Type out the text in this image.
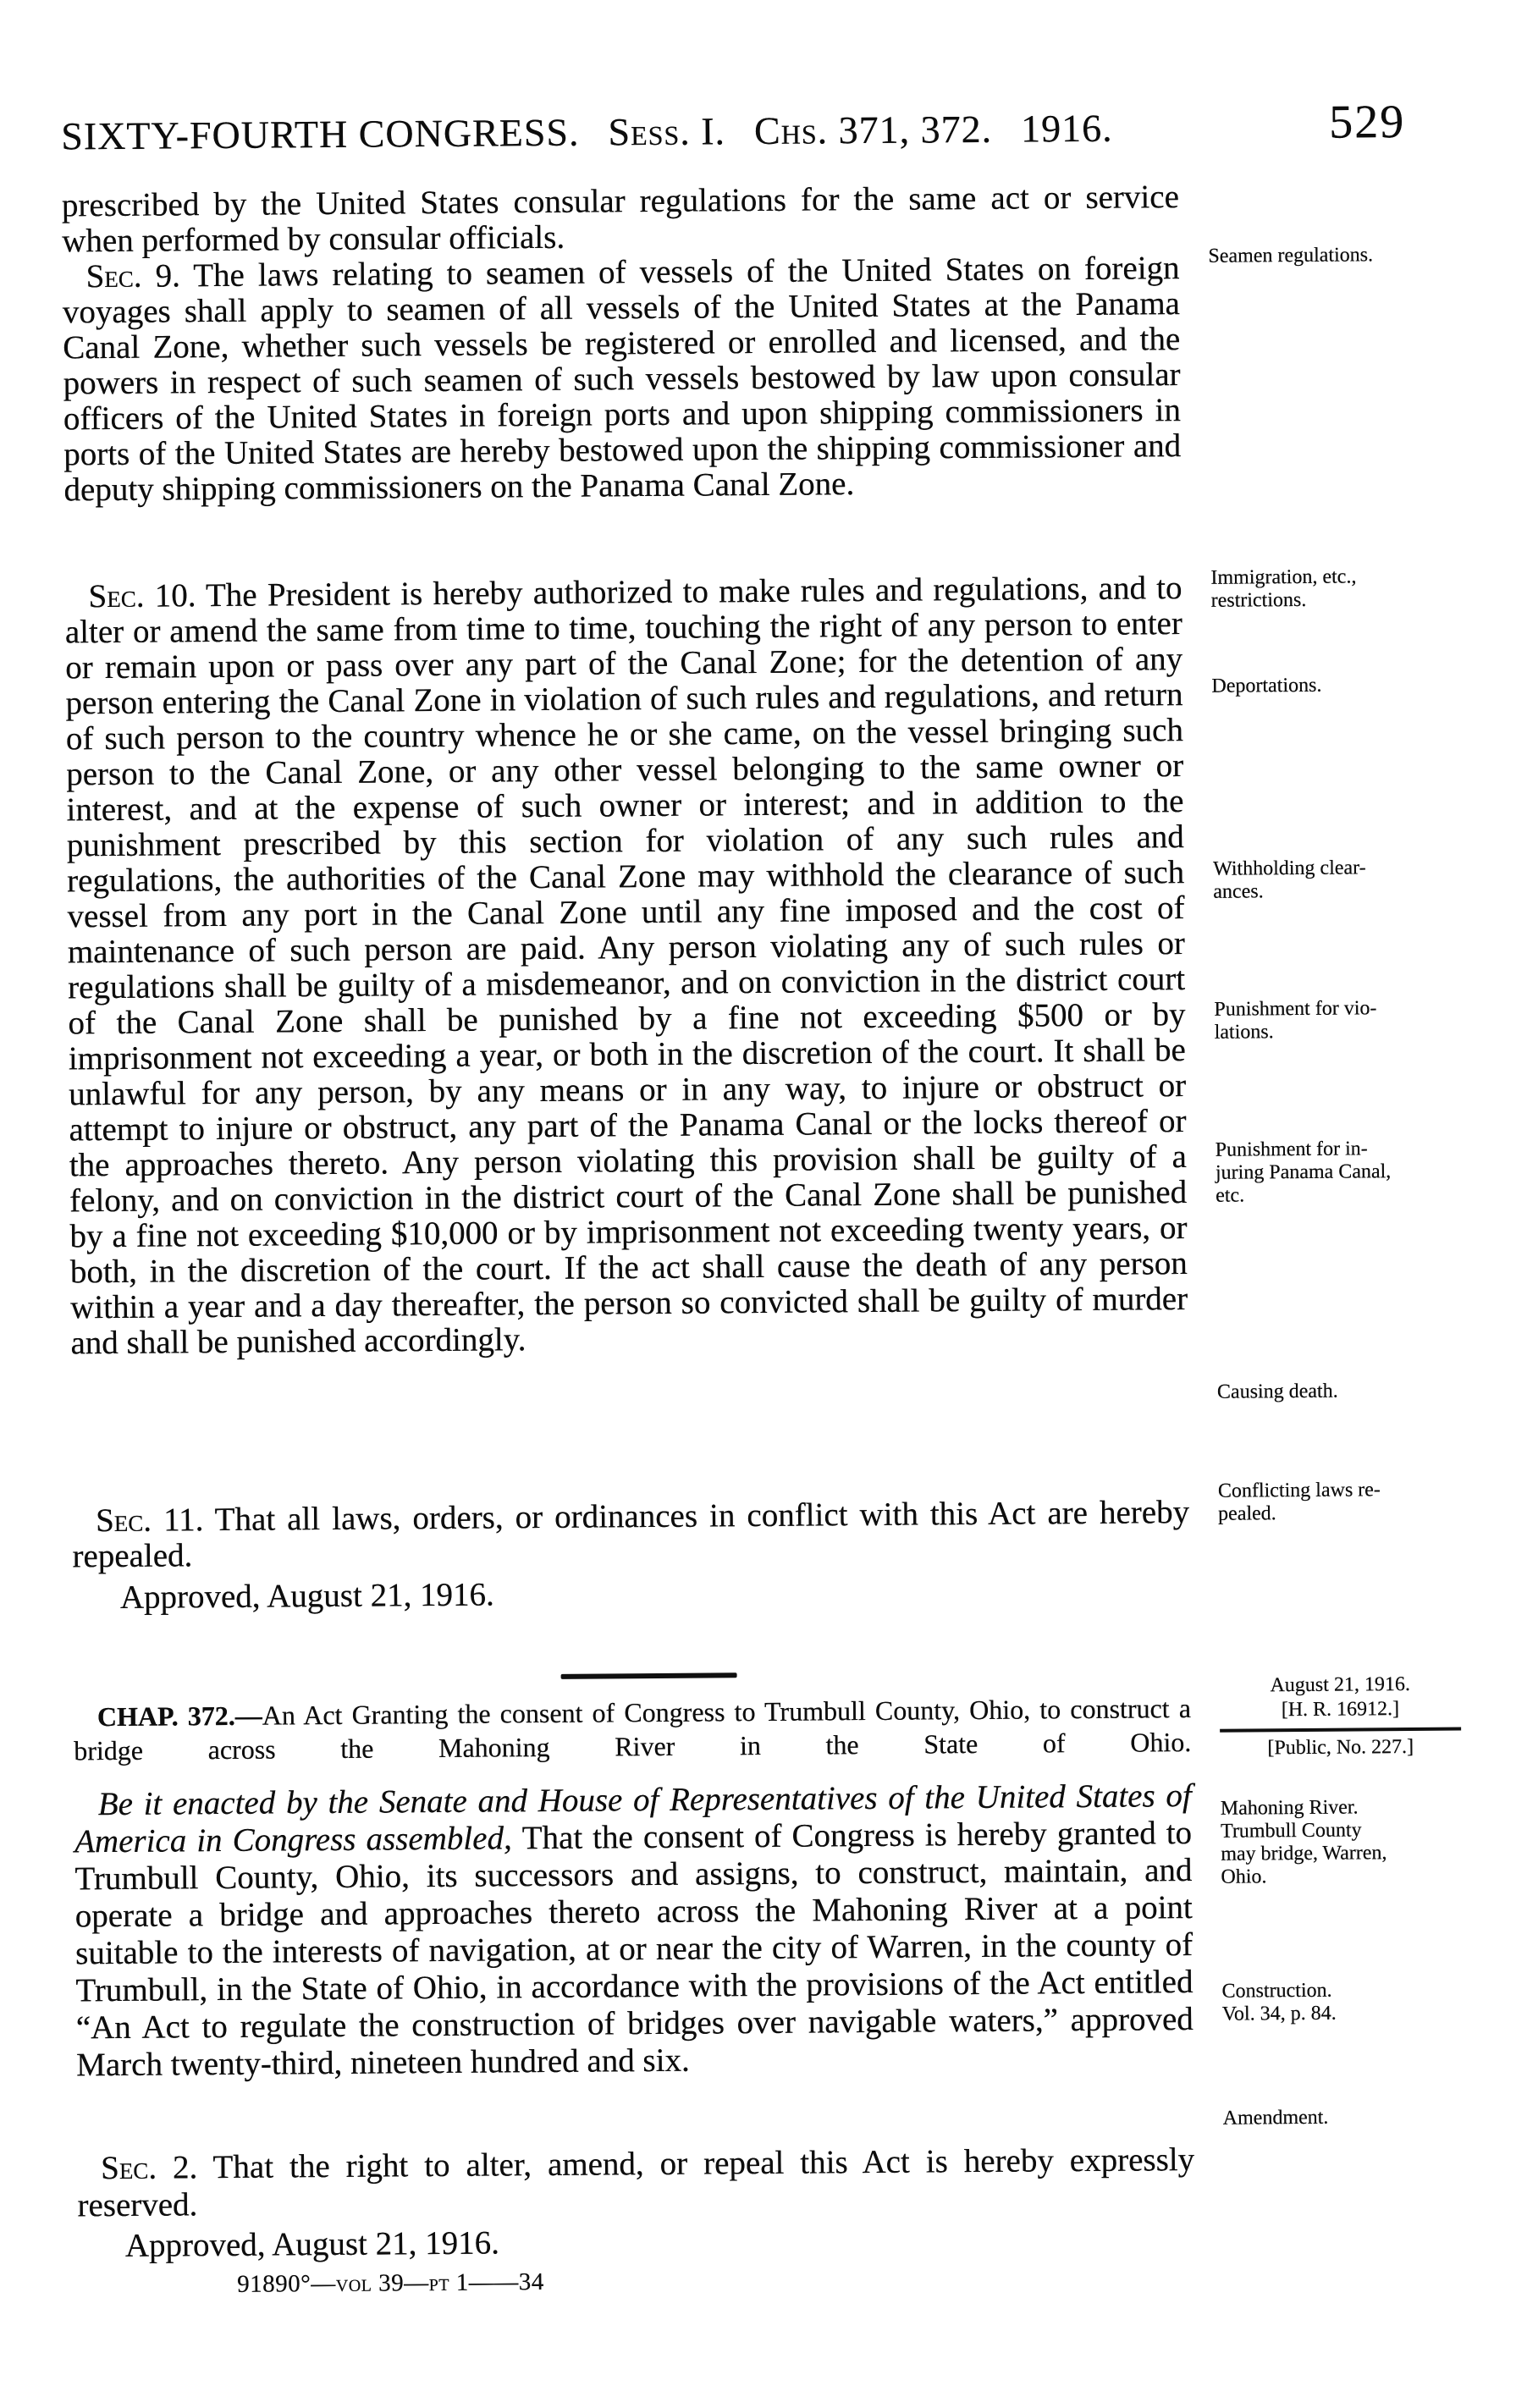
SIXTY-FOURTH CONGRESS. Sess. I. Chs. 371, 372. 1916.	529

prescribed by the United States consular regulations for the same act or service when performed by consular officials.

Sec. 9. The laws relating to seamen of vessels of the United States on foreign voyages shall apply to seamen of all vessels of the United States at the Panama Canal Zone, whether such vessels be registered or enrolled and licensed, and the powers in respect of such seamen of such vessels bestowed by law upon consular officers of the United States in foreign ports and upon shipping commissioners in ports of the United States are hereby bestowed upon the shipping commissioner and deputy shipping commissioners on the Panama Canal Zone.

Sec. 10. The President is hereby authorized to make rules and regulations, and to alter or amend the same from time to time, touching the right of any person to enter or remain upon or pass over any part of the Canal Zone; for the detention of any person entering the Canal Zone in violation of such rules and regulations, and return of such person to the country whence he or she came, on the vessel bringing such person to the Canal Zone, or any other vessel belonging to the same owner or interest, and at the expense of such owner or interest; and in addition to the punishment prescribed by this section for violation of any such rules and regulations, the authorities of the Canal Zone may withhold the clearance of such vessel from any port in the Canal Zone until any fine imposed and the cost of maintenance of such person are paid. Any person violating any of such rules or regulations shall be guilty of a misdemeanor, and on conviction in the district court of the Canal Zone shall be punished by a fine not exceeding $500 or by imprisonment not exceeding a year, or both in the discretion of the court. It shall be unlawful for any person, by any means or in any way, to injure or obstruct or attempt to injure or obstruct, any part of the Panama Canal or the locks thereof or the approaches thereto. Any person violating this provision shall be guilty of a felony, and on conviction in the district court of the Canal Zone shall be punished by a fine not exceeding $10,000 or by imprisonment not exceeding twenty years, or both, in the discretion of the court. If the act shall cause the death of any person within a year and a day thereafter, the person so convicted shall be guilty of murder and shall be punished accordingly.

Sec. 11. That all laws, orders, or ordinances in conflict with this Act are hereby repealed.

Approved, August 21, 1916.

Seamen regulations.
Immigration, etc.,
restrictions.
Deportations.
Withholding clear-
ances.
Punishment for vio-
lations.
Punishment for in-
juring Panama Canal,
etc.
Causing death.
Conflicting laws re-
pealed.
CHAP. 372.—An Act Granting the consent of Congress to Trumbull County, Ohio, to construct a bridge across the Mahoning River in the State of Ohio.
August 21, 1916.
[H. R. 16912.]
[Public, No. 227.]

Be it enacted by the Senate and House of Representatives of the United States of America in Congress assembled, That the consent of Congress is hereby granted to Trumbull County, Ohio, its successors and assigns, to construct, maintain, and operate a bridge and approaches thereto across the Mahoning River at a point suitable to the interests of navigation, at or near the city of Warren, in the county of Trumbull, in the State of Ohio, in accordance with the provisions of the Act entitled “An Act to regulate the construction of bridges over navigable waters,” approved March twenty-third, nineteen hundred and six.

Sec. 2. That the right to alter, amend, or repeal this Act is hereby expressly reserved.

Approved, August 21, 1916.

Mahoning River.
Trumbull County
may bridge, Warren,
Ohio.
Construction.
Vol. 34, p. 84.
Amendment.
91890°—vol 39—pt 1——34
